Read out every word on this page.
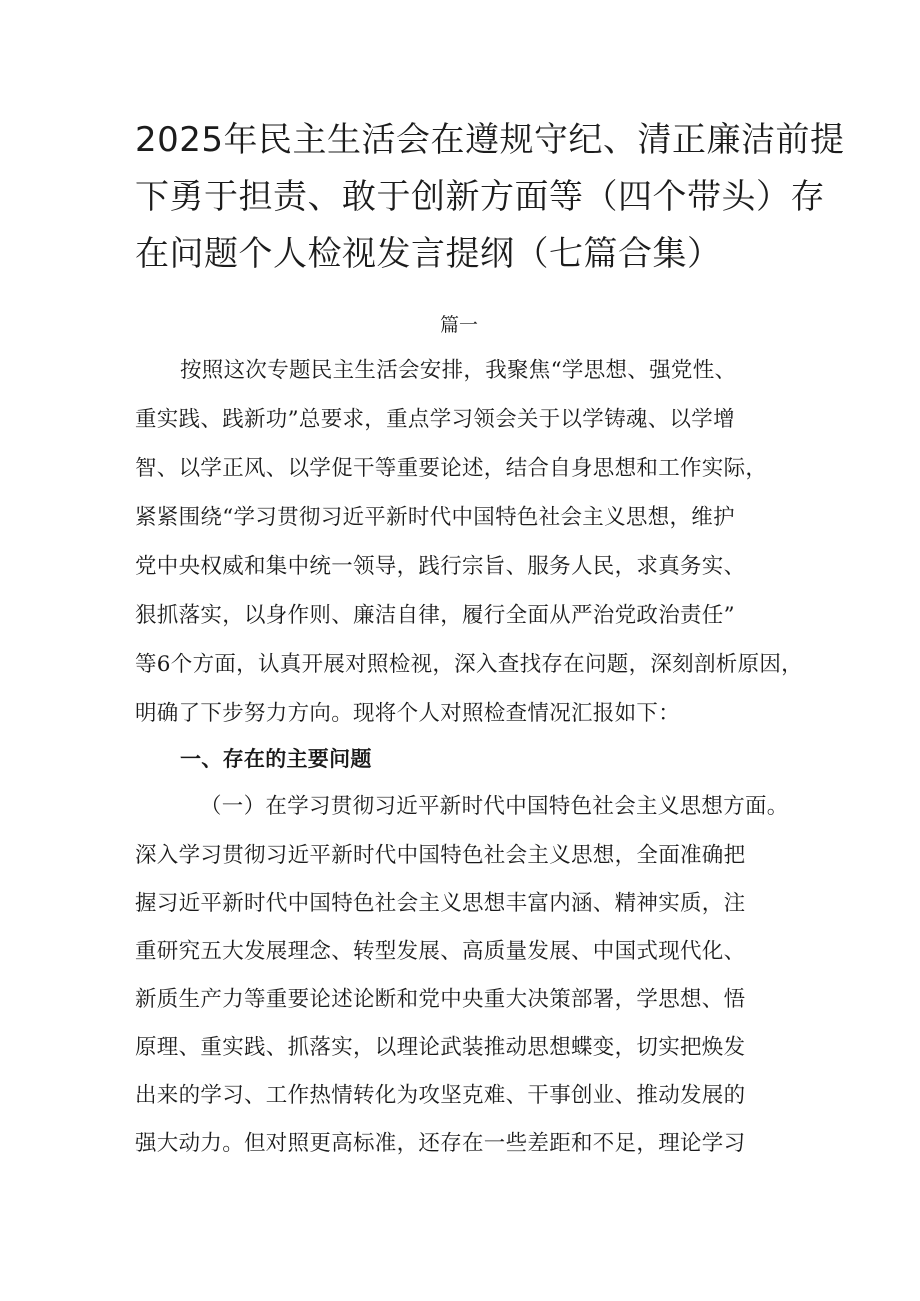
2025年民主生活会在遵规守纪、清正廉洁前提
下勇于担责、敢于创新方面等（四个带头）存
在问题个人检视发言提纲（七篇合集）
篇一
按照这次专题民主生活会安排，我聚焦“学思想、强党性、
重实践、践新功”总要求，重点学习领会关于以学铸魂、以学增
智、以学正风、以学促干等重要论述，结合自身思想和工作实际，
紧紧围绕“学习贯彻习近平新时代中国特色社会主义思想，维护
党中央权威和集中统一领导，践行宗旨、服务人民，求真务实、
狠抓落实，以身作则、廉洁自律，履行全面从严治党政治责任”
等6个方面，认真开展对照检视，深入查找存在问题，深刻剖析原因，
明确了下步努力方向。现将个人对照检查情况汇报如下：
一、存在的主要问题
（一）在学习贯彻习近平新时代中国特色社会主义思想方面。
深入学习贯彻习近平新时代中国特色社会主义思想，全面准确把
握习近平新时代中国特色社会主义思想丰富内涵、精神实质，注
重研究五大发展理念、转型发展、高质量发展、中国式现代化、
新质生产力等重要论述论断和党中央重大决策部署，学思想、悟
原理、重实践、抓落实，以理论武装推动思想蝶变，切实把焕发
出来的学习、工作热情转化为攻坚克难、干事创业、推动发展的
强大动力。但对照更高标准，还存在一些差距和不足，理论学习
